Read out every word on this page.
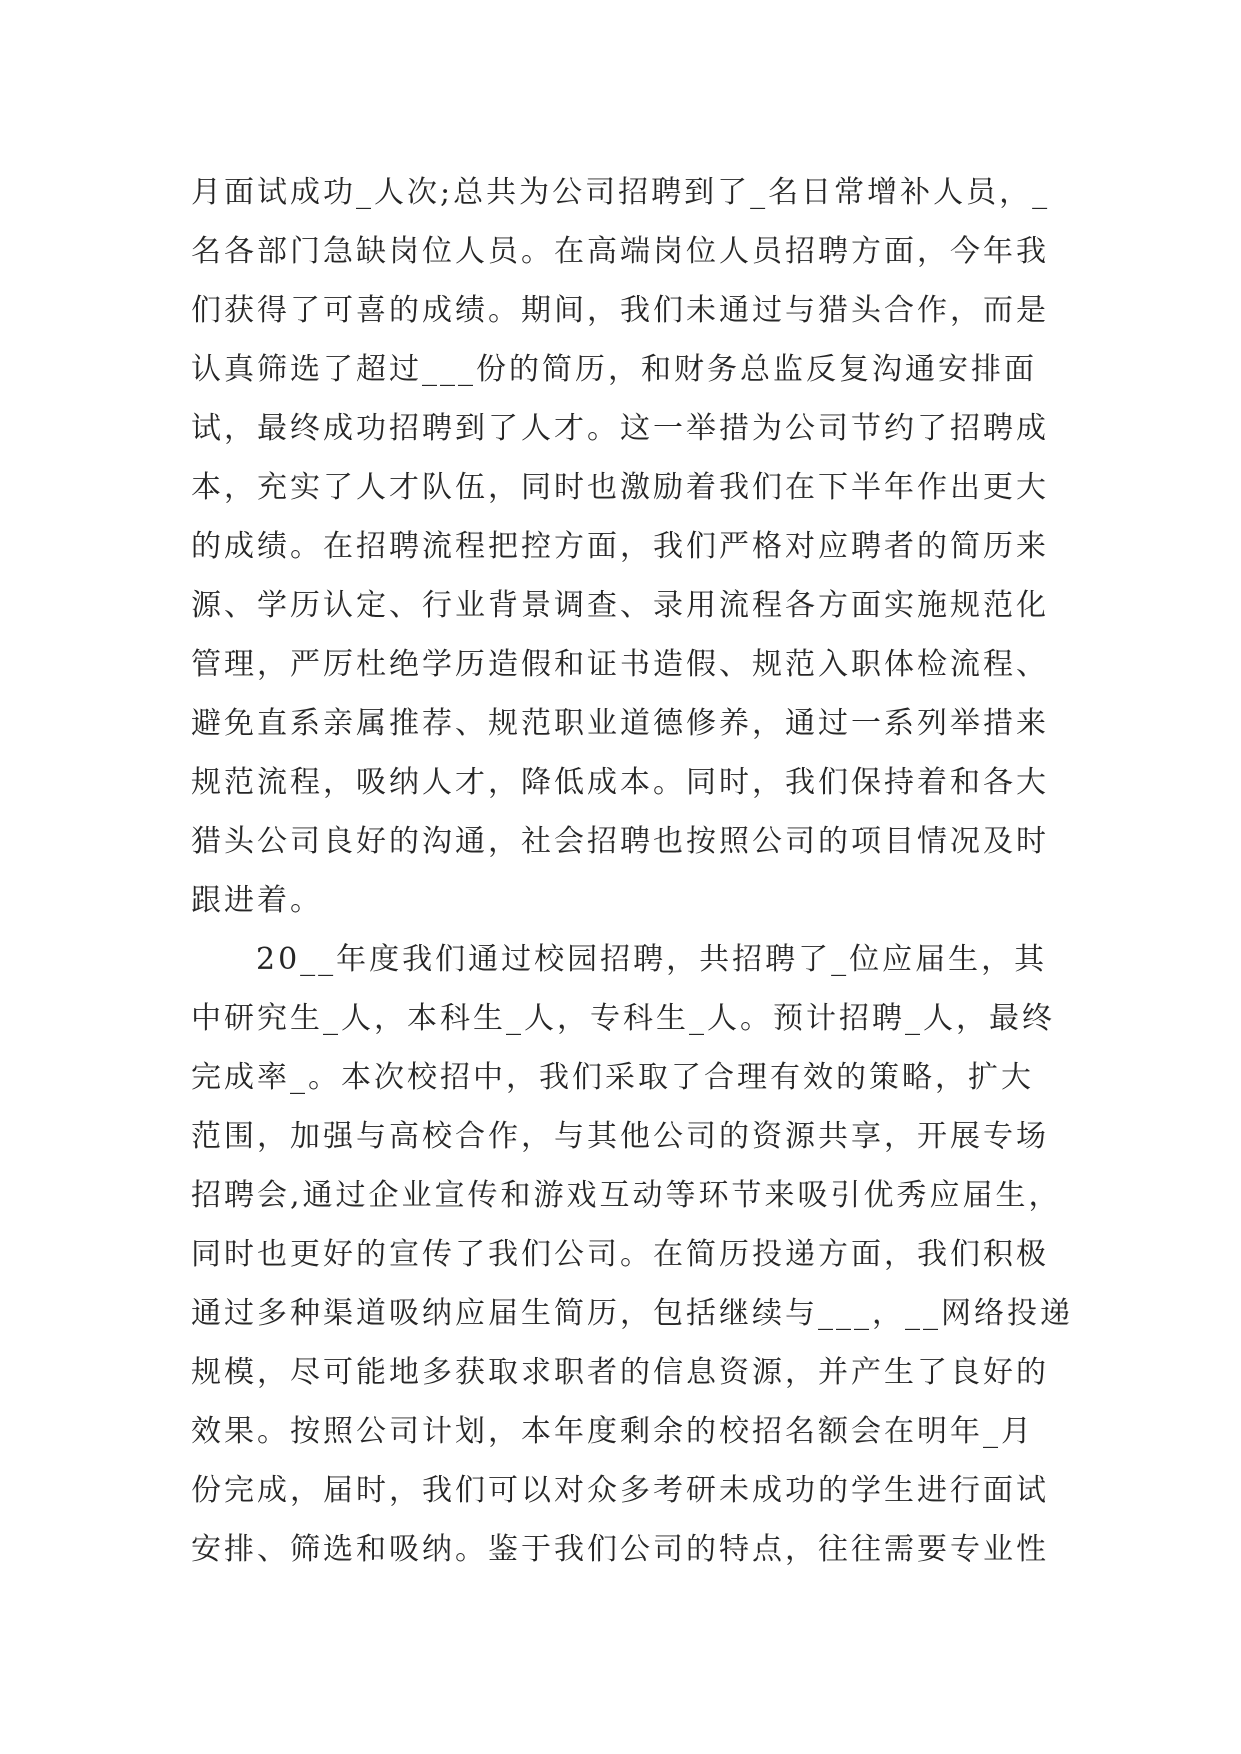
月面试成功_人次;总共为公司招聘到了_名日常增补人员，_
名各部门急缺岗位人员。在高端岗位人员招聘方面，今年我
们获得了可喜的成绩。期间，我们未通过与猎头合作，而是
认真筛选了超过___份的简历，和财务总监反复沟通安排面
试，最终成功招聘到了人才。这一举措为公司节约了招聘成
本，充实了人才队伍，同时也激励着我们在下半年作出更大
的成绩。在招聘流程把控方面，我们严格对应聘者的简历来
源、学历认定、行业背景调查、录用流程各方面实施规范化
管理，严厉杜绝学历造假和证书造假、规范入职体检流程、
避免直系亲属推荐、规范职业道德修养，通过一系列举措来
规范流程，吸纳人才，降低成本。同时，我们保持着和各大
猎头公司良好的沟通，社会招聘也按照公司的项目情况及时
跟进着。
20__年度我们通过校园招聘，共招聘了_位应届生，其
中研究生_人，本科生_人，专科生_人。预计招聘_人，最终
完成率_。本次校招中，我们采取了合理有效的策略，扩大
范围，加强与高校合作，与其他公司的资源共享，开展专场
招聘会,通过企业宣传和游戏互动等环节来吸引优秀应届生，
同时也更好的宣传了我们公司。在简历投递方面，我们积极
通过多种渠道吸纳应届生简历，包括继续与___，__网络投递
规模，尽可能地多获取求职者的信息资源，并产生了良好的
效果。按照公司计划，本年度剩余的校招名额会在明年_月
份完成，届时，我们可以对众多考研未成功的学生进行面试
安排、筛选和吸纳。鉴于我们公司的特点，往往需要专业性
